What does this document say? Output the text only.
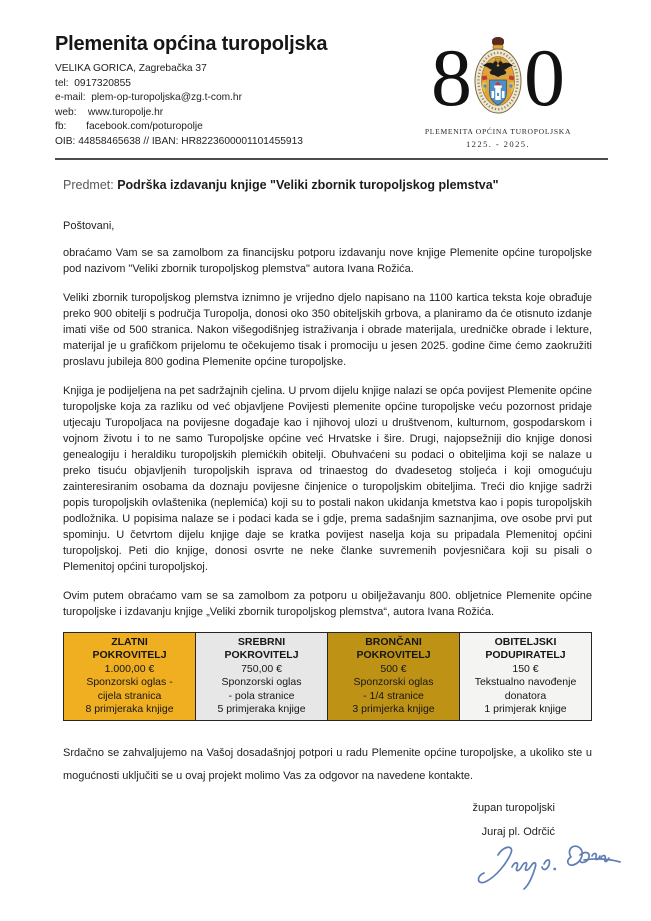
Plemenita općina turopoljska
VELIKA GORICA, Zagrebačka 37
tel:  0917320855
e-mail:  plem-op-turopoljska@zg.t-com.hr
web:    www.turopolje.hr
fb:       facebook.com/poturopolje
OIB: 44858465638 // IBAN: HR8223600001101455913
8 0
PLEMENITA OPĆINA TUROPOLJSKA
1225. - 2025.
Predmet: Podrška izdavanju knjige "Veliki zbornik turopoljskog plemstva"
Poštovani,

obraćamo Vam se sa zamolbom za financijsku potporu izdavanju nove knjige Plemenite općine turopoljske pod nazivom "Veliki zbornik turopoljskog plemstva" autora Ivana Rožića.

Veliki zbornik turopoljskog plemstva iznimno je vrijedno djelo napisano na 1100 kartica teksta koje obrađuje preko 900 obitelji s područja Turopolja, donosi oko 350 obiteljskih grbova, a planiramo da će otisnuto izdanje imati više od 500 stranica. Nakon višegodišnjeg istraživanja i obrade materijala, uredničke obrade i lekture, materijal je u grafičkom prijelomu te očekujemo tisak i promociju u jesen 2025. godine čime ćemo zaokružiti proslavu jubileja 800 godina Plemenite općine turopoljske.

Knjiga je podijeljena na pet sadržajnih cjelina. U prvom dijelu knjige nalazi se opća povijest Plemenite općine turopoljske koja za razliku od već objavljene Povijesti plemenite općine turopoljske veću pozornost pridaje utjecaju Turopoljaca na povijesne događaje kao i njihovoj ulozi u društvenom, kulturnom, gospodarskom i vojnom životu i to ne samo Turopoljske općine već Hrvatske i šire. Drugi, najopsežniji dio knjige donosi genealogiju i heraldiku turopoljskih plemićkih obitelji. Obuhvaćeni su podaci o obiteljima koji se nalaze u preko tisuću objavljenih turopoljskih isprava od trinaestog do dvadesetog stoljeća i koji omogućuju zainteresiranim osobama da doznaju povijesne činjenice o turopoljskim obiteljima. Treći dio knjige sadrži popis turopoljskih ovlaštenika (neplemića) koji su to postali nakon ukidanja kmetstva kao i popis turopoljskih podložnika. U popisima nalaze se i podaci kada se i gdje, prema sadašnjim saznanjima, ove osobe prvi put spominju. U četvrtom dijelu knjige daje se kratka povijest naselja koja su pripadala Plemenitoj općini turopoljskoj. Peti dio knjige, donosi osvrte ne neke članke suvremenih povjesničara koji su pisali o Plemenitoj općini turopoljskoj.

Ovim putem obraćamo vam se sa zamolbom za potporu u obilježavanju 800. obljetnice Plemenite općine turopoljske i izdavanju knjige „Veliki zbornik turopoljskog plemstva“, autora Ivana Rožića.

ZLATNI
POKROVITELJ
1.000,00 €
Sponzorski oglas -
cijela stranica
8 primjeraka knjige

SREBRNI
POKROVITELJ
750,00 €
Sponzorski oglas
- pola stranice
5 primjeraka knjige

BRONČANI
POKROVITELJ
500 €
Sponzorski oglas
- 1/4 stranice
3 primjerka knjige

OBITELJSKI
PODUPIRATELJ
150 €
Tekstualno navođenje
donatora
1 primjerak knjige

Srdačno se zahvaljujemo na Vašoj dosadašnjoj potpori u radu Plemenite općine turopoljske, a ukoliko ste u mogućnosti uključiti se u ovaj projekt molimo Vas za odgovor na navedene kontakte.

župan turopoljski
Juraj pl. Odrčić
